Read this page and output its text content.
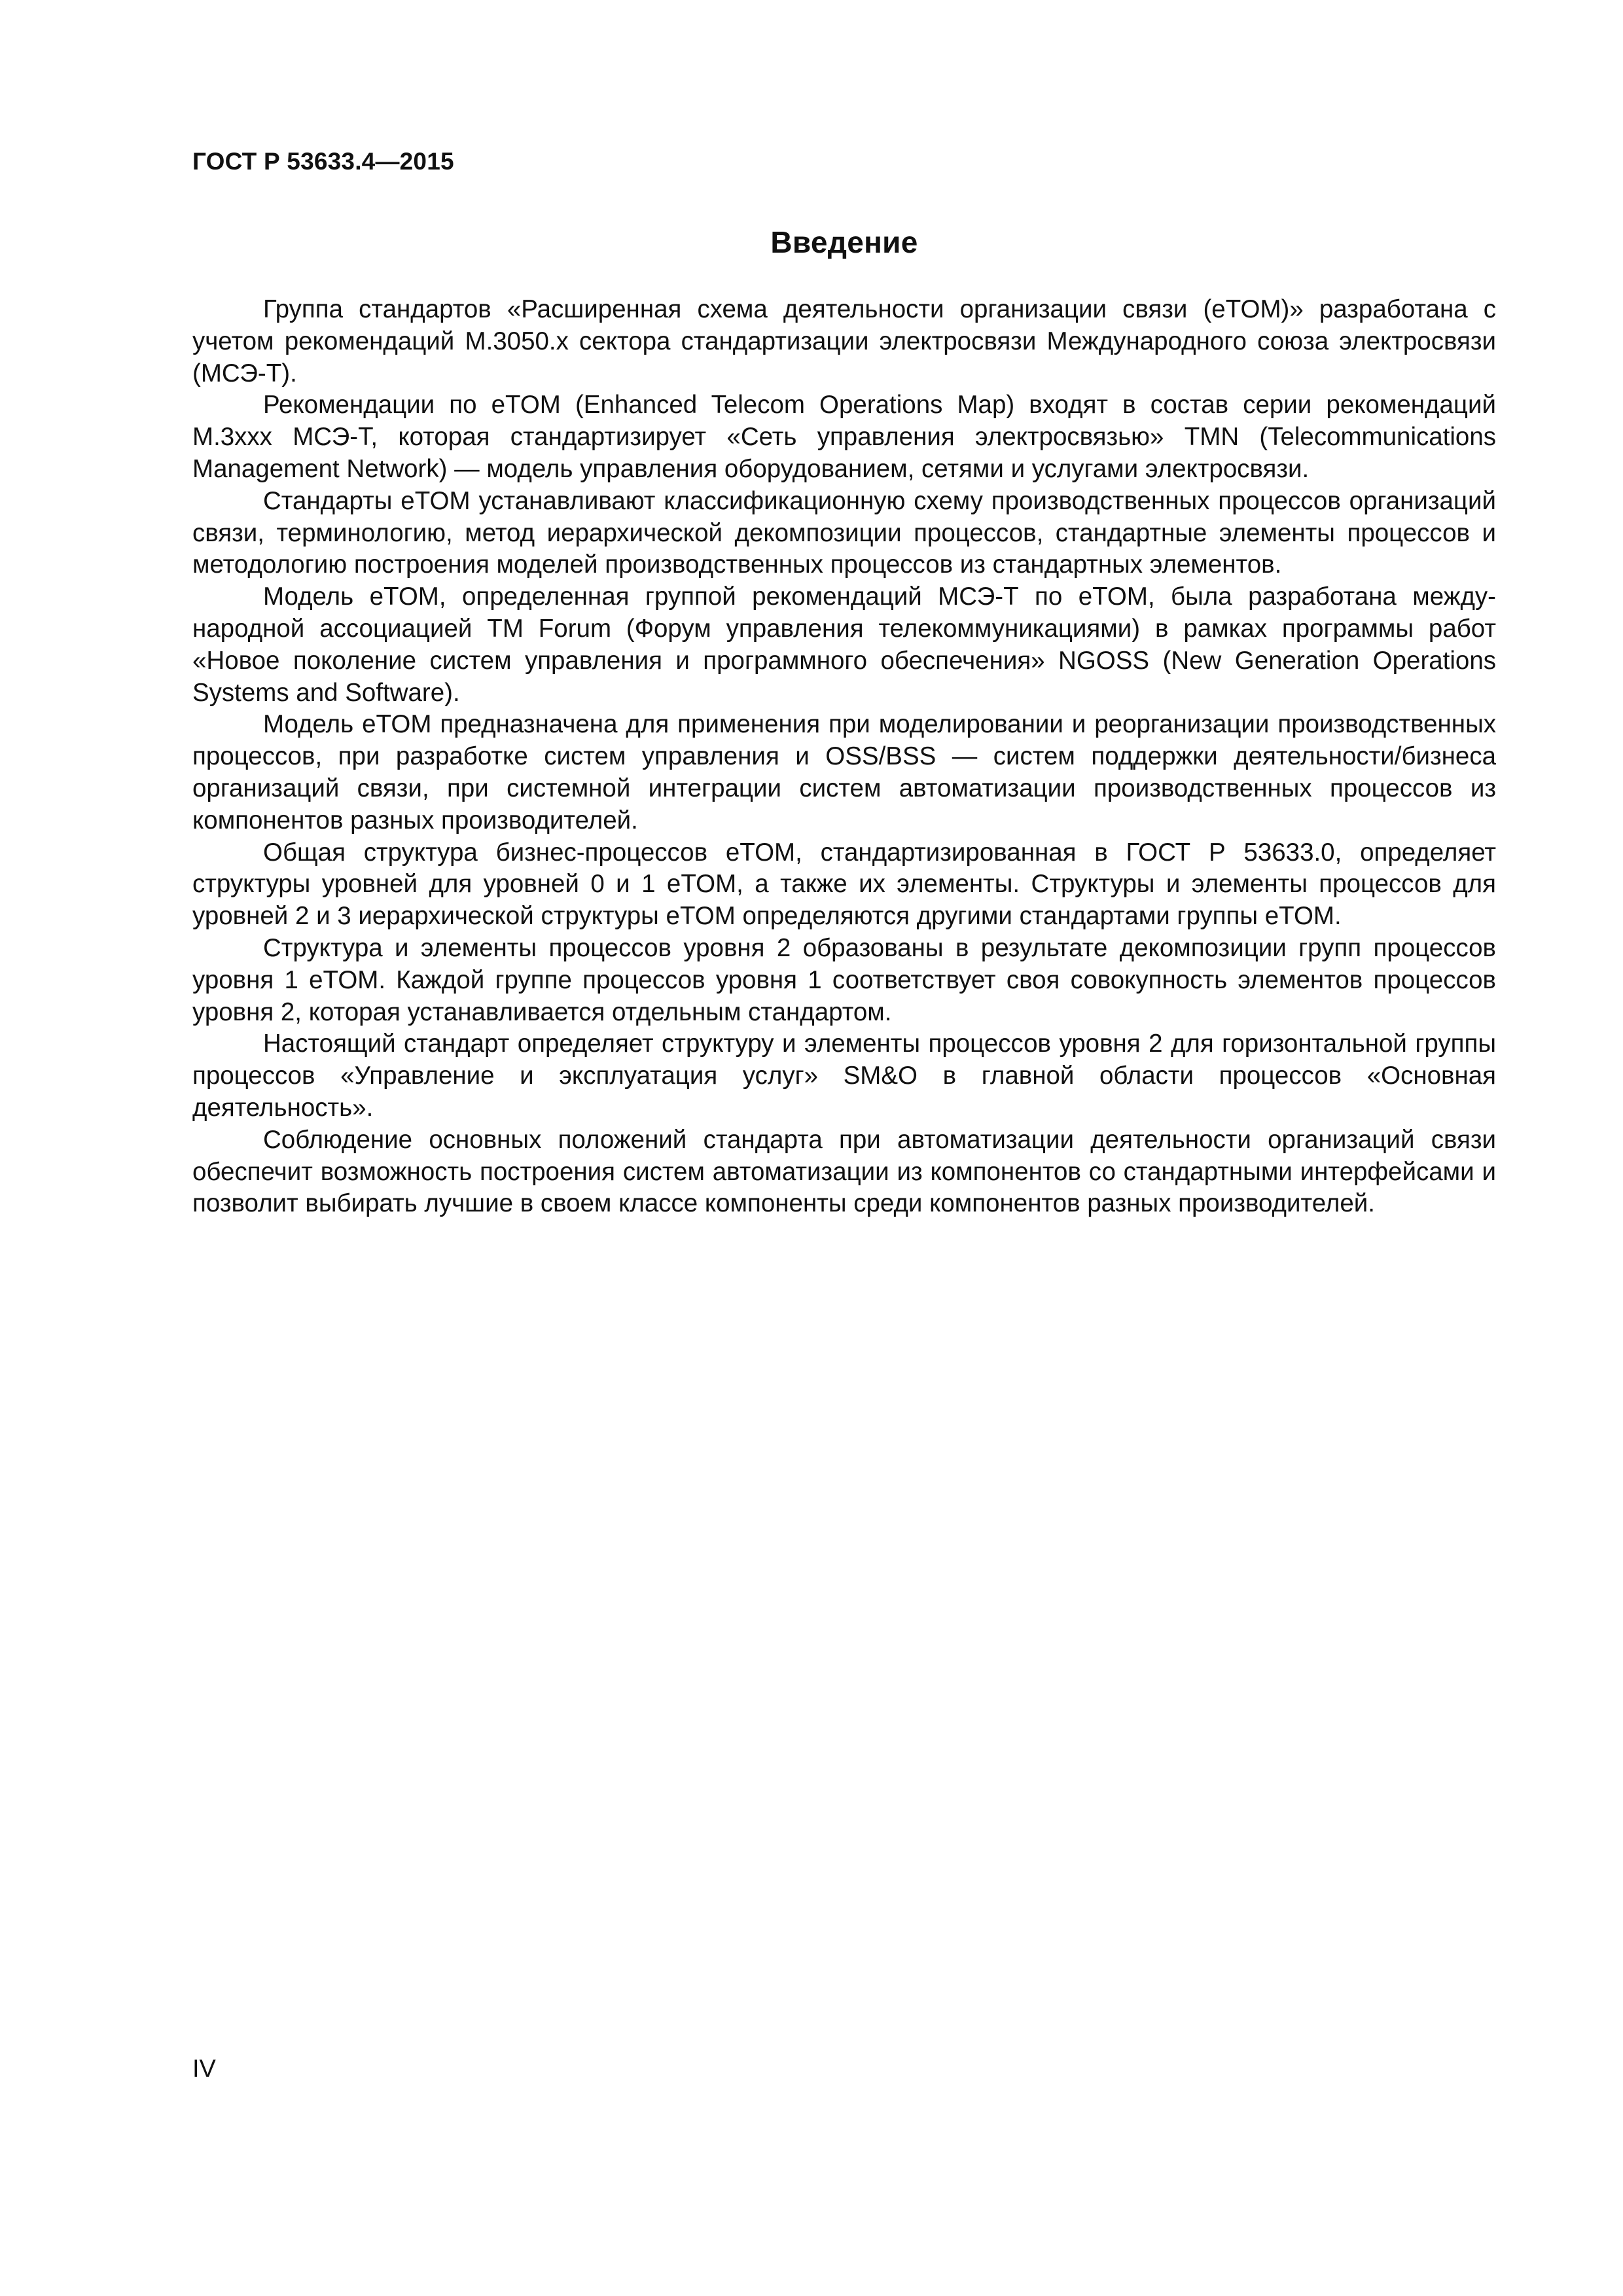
ГОСТ Р 53633.4—2015
Введение

Группа стандартов «Расширенная схема деятельности организации связи (eTOM)» разработана с учетом рекомендаций М.3050.x сектора стандартизации электросвязи Международного союза электросвязи (МСЭ-Т).

Рекомендации по eTOM (Enhanced Telecom Operations Map) входят в состав серии рекомендаций М.3ххх МСЭ-Т, которая стандартизирует «Сеть управления электросвязью» TMN (Telecommunications Management Network) — модель управления оборудованием, сетями и услугами электросвязи.

Стандарты eTOM устанавливают классификационную схему производственных процессов организаций связи, терминологию, метод иерархической декомпозиции процессов, стандартные элементы процессов и методологию построения моделей производственных процессов из стандартных элементов.

Модель eTOM, определенная группой рекомендаций МСЭ-Т по eTOM, была разработана международной ассоциацией TM Forum (Форум управления телекоммуникациями) в рамках программы работ «Новое поколение систем управления и программного обеспечения» NGOSS (New Generation Operations Systems and Software).

Модель eTOM предназначена для применения при моделировании и реорганизации производственных процессов, при разработке систем управления и OSS/BSS — систем поддержки деятельности/бизнеса организаций связи, при системной интеграции систем автоматизации производственных процессов из компонентов разных производителей.

Общая структура бизнес-процессов eTOM, стандартизированная в ГОСТ Р 53633.0, определяет структуры уровней для уровней 0 и 1 eTOM, а также их элементы. Структуры и элементы процессов для уровней 2 и 3 иерархической структуры eTOM определяются другими стандартами группы eTOM.

Структура и элементы процессов уровня 2 образованы в результате декомпозиции групп процессов уровня 1 eTOM. Каждой группе процессов уровня 1 соответствует своя совокупность элементов процессов уровня 2, которая устанавливается отдельным стандартом.

Настоящий стандарт определяет структуру и элементы процессов уровня 2 для горизонтальной группы процессов «Управление и эксплуатация услуг» SM&O в главной области процессов «Основная деятельность».

Соблюдение основных положений стандарта при автоматизации деятельности организаций связи обеспечит возможность построения систем автоматизации из компонентов со стандартными интерфейсами и позволит выбирать лучшие в своем классе компоненты среди компонентов разных производителей.

IV
